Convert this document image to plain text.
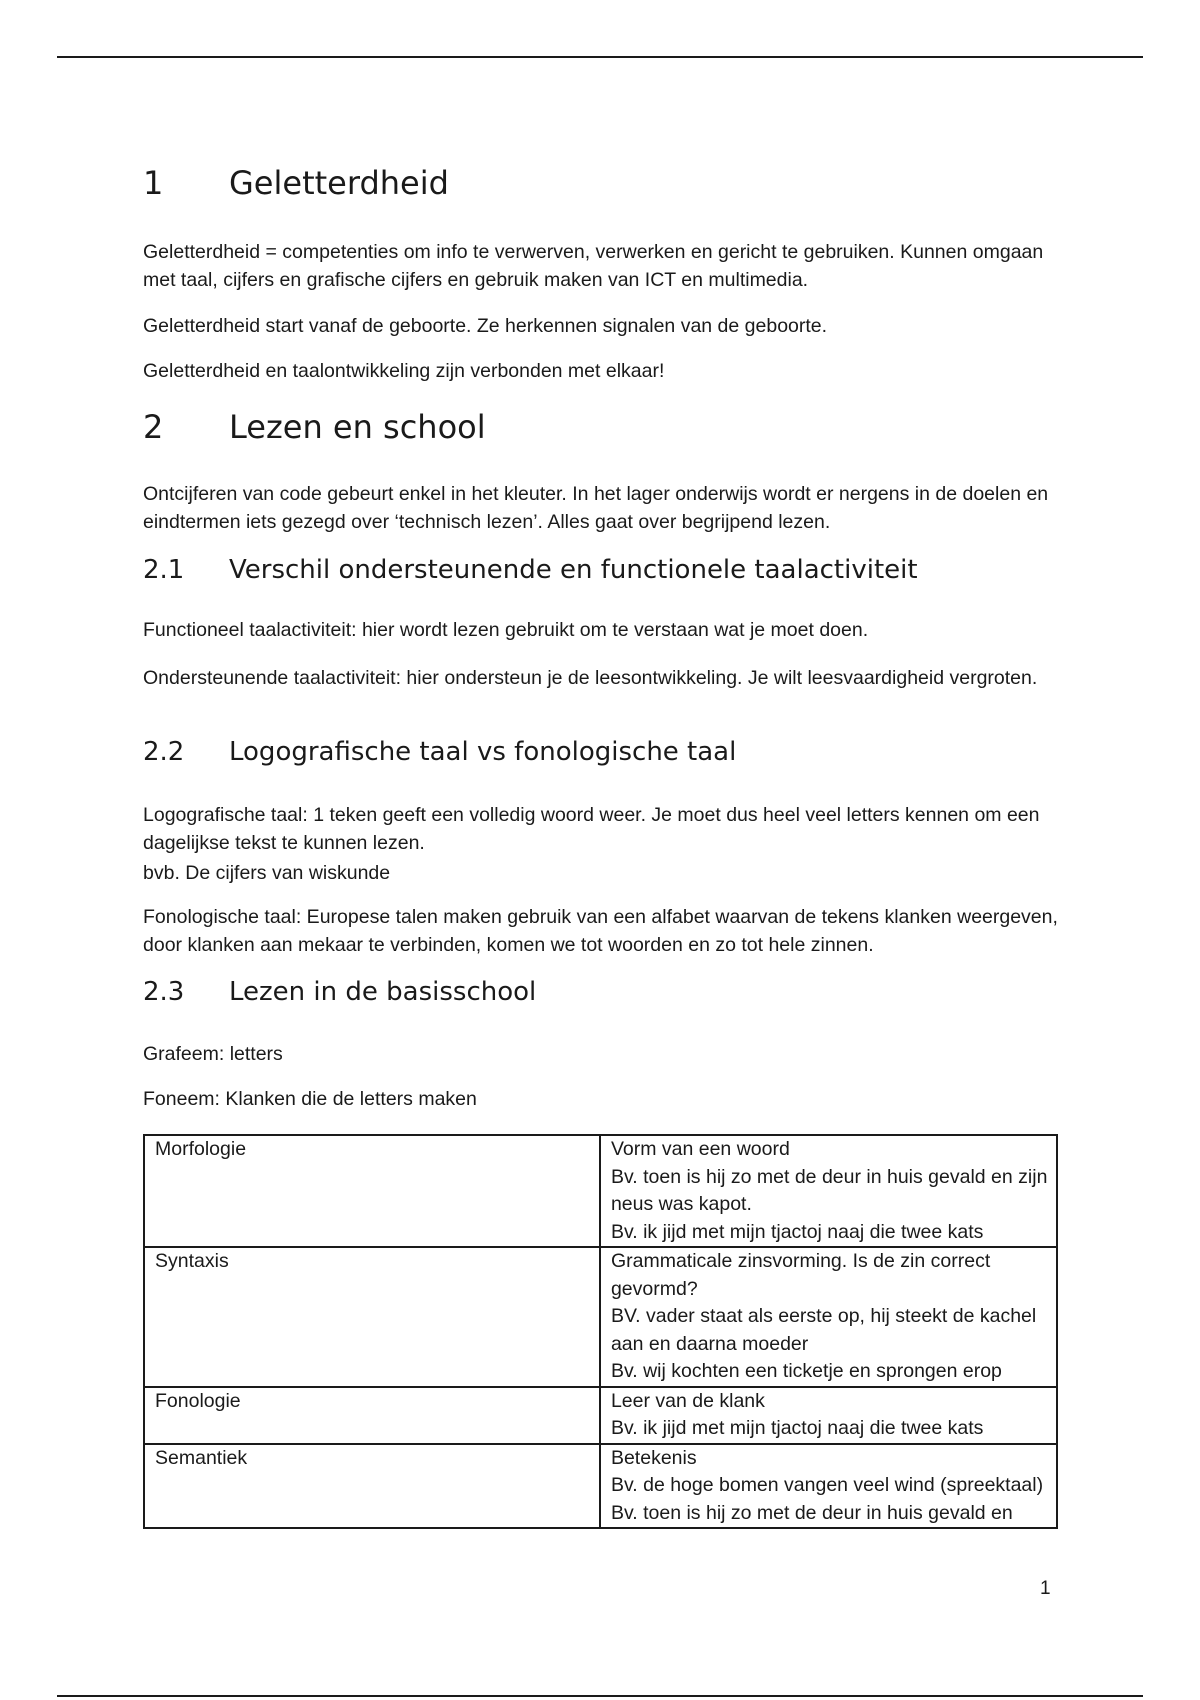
1 Geletterdheid

Geletterdheid = competenties om info te verwerven, verwerken en gericht te gebruiken. Kunnen omgaan met taal, cijfers en grafische cijfers en gebruik maken van ICT en multimedia.

Geletterdheid start vanaf de geboorte. Ze herkennen signalen van de geboorte.

Geletterdheid en taalontwikkeling zijn verbonden met elkaar!

2 Lezen en school

Ontcijferen van code gebeurt enkel in het kleuter. In het lager onderwijs wordt er nergens in de doelen en eindtermen iets gezegd over ‘technisch lezen’. Alles gaat over begrijpend lezen.

2.1 Verschil ondersteunende en functionele taalactiviteit

Functioneel taalactiviteit: hier wordt lezen gebruikt om te verstaan wat je moet doen.

Ondersteunende taalactiviteit: hier ondersteun je de leesontwikkeling. Je wilt leesvaardigheid vergroten.

2.2 Logografische taal vs fonologische taal

Logografische taal: 1 teken geeft een volledig woord weer. Je moet dus heel veel letters kennen om een dagelijkse tekst te kunnen lezen.

bvb. De cijfers van wiskunde

Fonologische taal: Europese talen maken gebruik van een alfabet waarvan de tekens klanken weergeven, door klanken aan mekaar te verbinden, komen we tot woorden en zo tot hele zinnen.

2.3 Lezen in de basisschool

Grafeem: letters

Foneem: Klanken die de letters maken

Morfologie	Vorm van een woord
Bv. toen is hij zo met de deur in huis gevald en zijn neus was kapot.
Bv. ik jijd met mijn tjactoj naaj die twee kats

Syntaxis	Grammaticale zinsvorming. Is de zin correct gevormd?
BV. vader staat als eerste op, hij steekt de kachel aan en daarna moeder
Bv. wij kochten een ticketje en sprongen erop

Fonologie	Leer van de klank
Bv. ik jijd met mijn tjactoj naaj die twee kats

Semantiek	Betekenis
Bv. de hoge bomen vangen veel wind (spreektaal)
Bv. toen is hij zo met de deur in huis gevald en
1
